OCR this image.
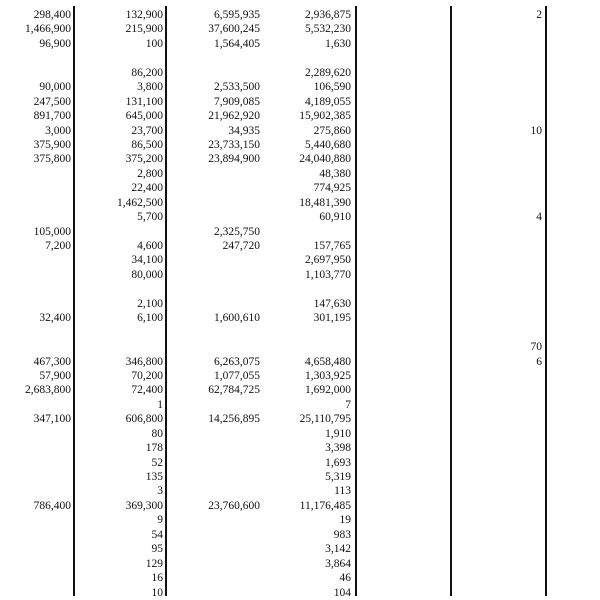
298,400
1,466,900
96,900
90,000
247,500
891,700
3,000
375,900
375,800
105,000
7,200
32,400
467,300
57,900
2,683,800
347,100
786,400
132,900
215,900
100
86,200
3,800
131,100
645,000
23,700
86,500
375,200
2,800
22,400
1,462,500
5,700
4,600
34,100
80,000
2,100
6,100
346,800
70,200
72,400
1
606,800
80
178
52
135
3
369,300
9
54
95
129
16
10
6,595,935
37,600,245
1,564,405
2,533,500
7,909,085
21,962,920
34,935
23,733,150
23,894,900
2,325,750
247,720
1,600,610
6,263,075
1,077,055
62,784,725
14,256,895
23,760,600
2,936,875
5,532,230
1,630
2,289,620
106,590
4,189,055
15,902,385
275,860
5,440,680
24,040,880
48,380
774,925
18,481,390
60,910
157,765
2,697,950
1,103,770
147,630
301,195
4,658,480
1,303,925
1,692,000
7
25,110,795
1,910
3,398
1,693
5,319
113
11,176,485
19
983
3,142
3,864
46
104
2
10
4
70
6
